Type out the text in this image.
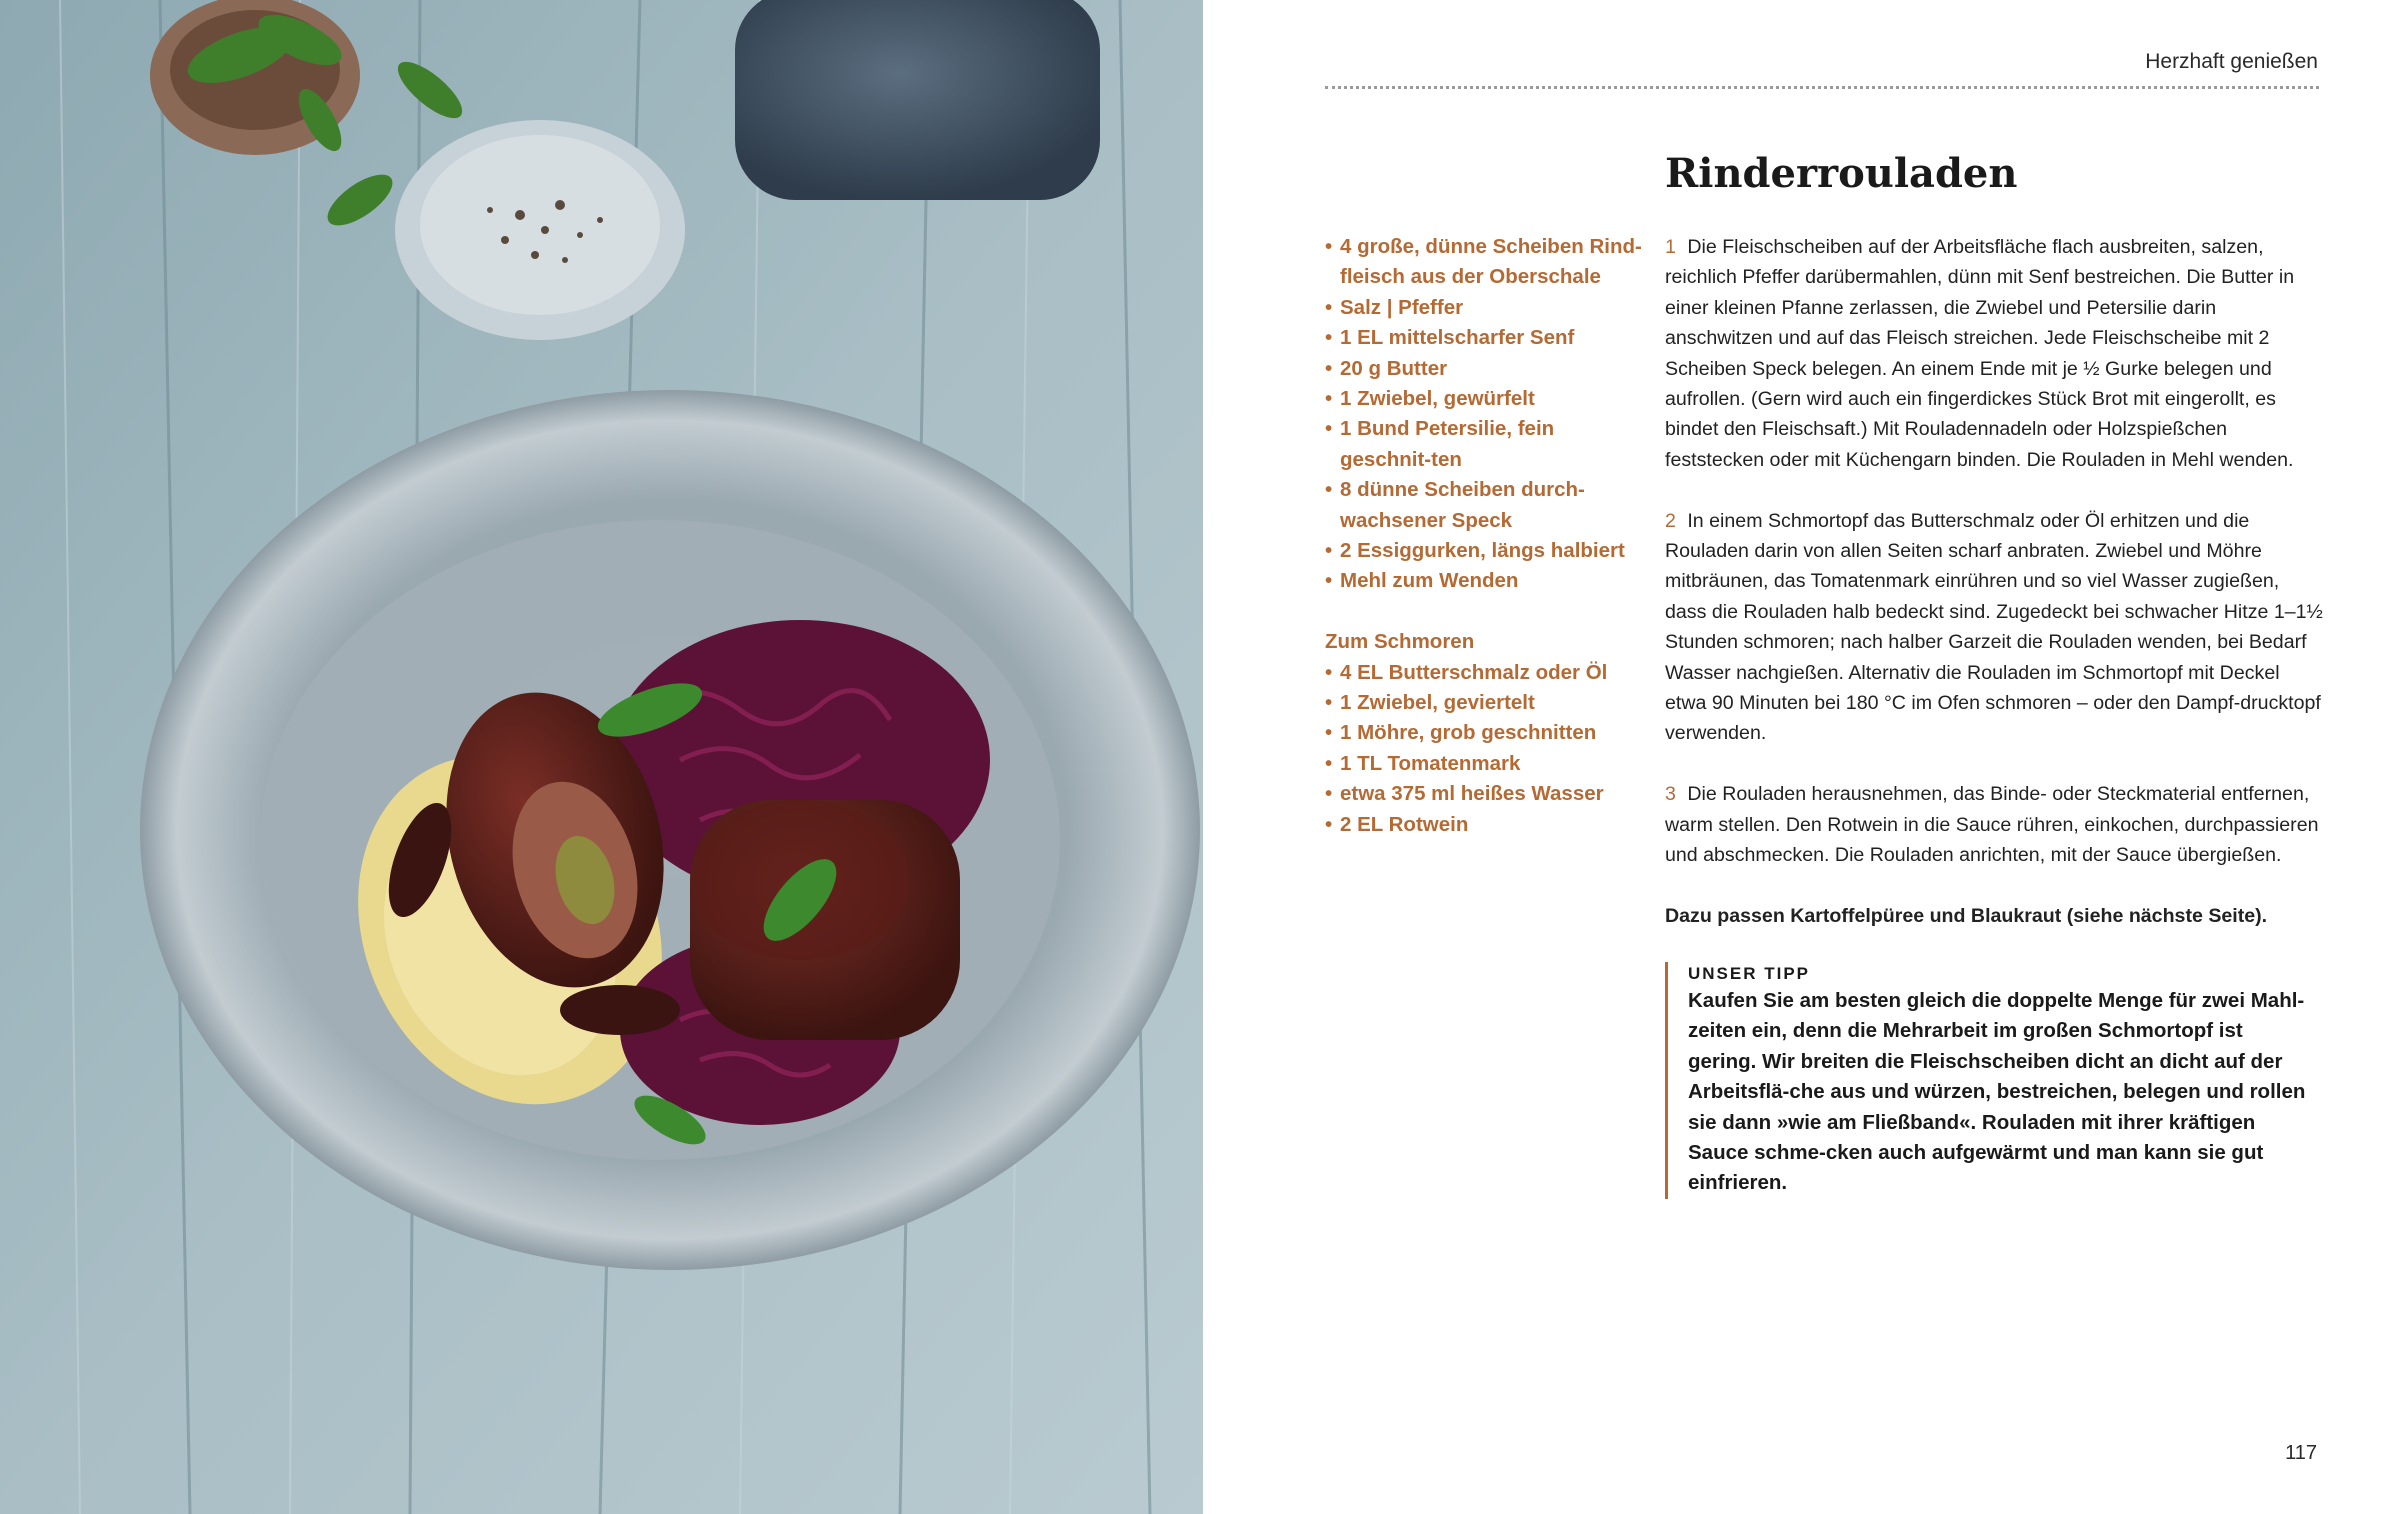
Herzhaft genießen
Rinderrouladen
• 4 große, dünne Scheiben Rind-fleisch aus der Oberschale
• Salz | Pfeffer
• 1 EL mittelscharfer Senf
• 20 g Butter
• 1 Zwiebel, gewürfelt
• 1 Bund Petersilie, fein geschnit-ten
• 8 dünne Scheiben durch-wachsener Speck
• 2 Essiggurken, längs halbiert
• Mehl zum Wenden
Zum Schmoren
• 4 EL Butterschmalz oder Öl
• 1 Zwiebel, geviertelt
• 1 Möhre, grob geschnitten
• 1 TL Tomatenmark
• etwa 375 ml heißes Wasser
• 2 EL Rotwein

1 Die Fleischscheiben auf der Arbeitsfläche flach ausbreiten, salzen, reichlich Pfeffer darübermahlen, dünn mit Senf bestreichen. Die Butter in einer kleinen Pfanne zerlassen, die Zwiebel und Petersilie darin anschwitzen und auf das Fleisch streichen. Jede Fleischscheibe mit 2 Scheiben Speck belegen. An einem Ende mit je ½ Gurke belegen und aufrollen. (Gern wird auch ein fingerdickes Stück Brot mit eingerollt, es bindet den Fleischsaft.) Mit Rouladennadeln oder Holzspießchen feststecken oder mit Küchengarn binden. Die Rouladen in Mehl wenden.

2 In einem Schmortopf das Butterschmalz oder Öl erhitzen und die Rouladen darin von allen Seiten scharf anbraten. Zwiebel und Möhre mitbräunen, das Tomatenmark einrühren und so viel Wasser zugießen, dass die Rouladen halb bedeckt sind. Zugedeckt bei schwacher Hitze 1–1½ Stunden schmoren; nach halber Garzeit die Rouladen wenden, bei Bedarf Wasser nachgießen. Alternativ die Rouladen im Schmortopf mit Deckel etwa 90 Minuten bei 180 °C im Ofen schmoren – oder den Dampf-drucktopf verwenden.

3 Die Rouladen herausnehmen, das Binde- oder Steckmaterial entfernen, warm stellen. Den Rotwein in die Sauce rühren, einkochen, durchpassieren und abschmecken. Die Rouladen anrichten, mit der Sauce übergießen.

Dazu passen Kartoffelpüree und Blaukraut (siehe nächste Seite).

UNSER TIPP
Kaufen Sie am besten gleich die doppelte Menge für zwei Mahl-zeiten ein, denn die Mehrarbeit im großen Schmortopf ist gering. Wir breiten die Fleischscheiben dicht an dicht auf der Arbeitsflä-che aus und würzen, bestreichen, belegen und rollen sie dann »wie am Fließband«. Rouladen mit ihrer kräftigen Sauce schme-cken auch aufgewärmt und man kann sie gut einfrieren.
117
